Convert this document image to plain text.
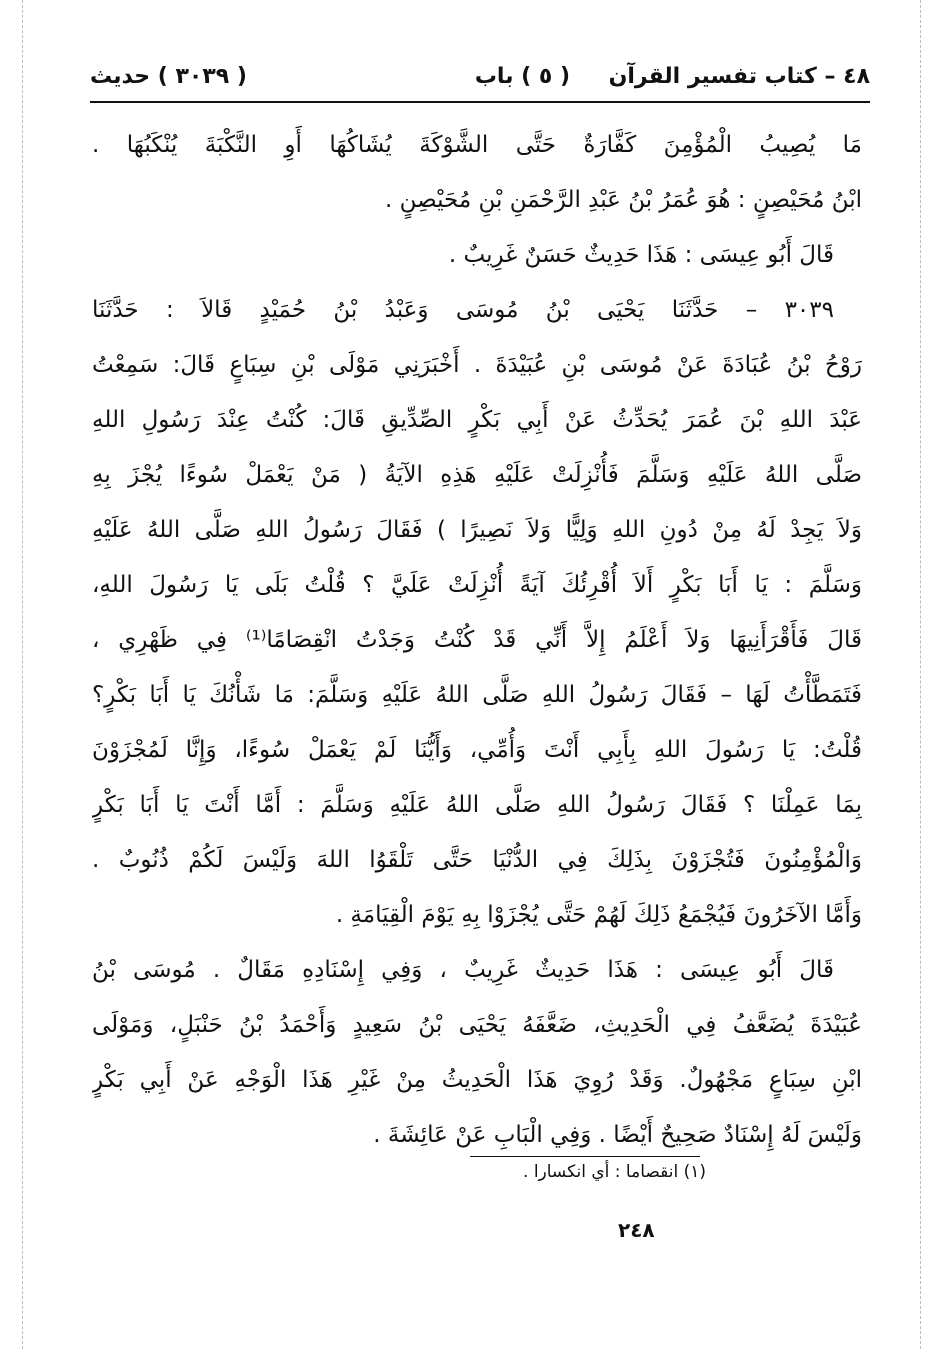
٤٨ – كتاب تفسير القرآن
( ٥ ) باب
( ٣٠٣٩ ) حديث
مَا يُصِيبُ الْمُؤْمِنَ كَفَّارَةٌ حَتَّى الشَّوْكَةَ يُشَاكُهَا أَوِ النَّكْبَةَ يُنْكَبُهَا .
ابْنُ مُحَيْصِنٍ : هُوَ عُمَرُ بْنُ عَبْدِ الرَّحْمَنِ بْنِ مُحَيْصِنٍ .
قَالَ أَبُو عِيسَى : هَذَا حَدِيثٌ حَسَنٌ غَرِيبٌ .
٣٠٣٩ – حَدَّثَنَا يَحْيَى بْنُ مُوسَى وَعَبْدُ بْنُ حُمَيْدٍ قَالاَ : حَدَّثَنَا
رَوْحُ بْنُ عُبَادَةَ عَنْ مُوسَى بْنِ عُبَيْدَةَ . أَخْبَرَنِي مَوْلَى بْنِ سِبَاعٍ قَالَ: سَمِعْتُ
عَبْدَ اللهِ بْنَ عُمَرَ يُحَدِّثُ عَنْ أَبِي بَكْرٍ الصِّدِّيقِ قَالَ: كُنْتُ عِنْدَ رَسُولِ اللهِ
صَلَّى اللهُ عَلَيْهِ وَسَلَّمَ فَأُنْزِلَتْ عَلَيْهِ هَذِهِ الآيَةُ ( مَنْ يَعْمَلْ سُوءًا يُجْزَ بِهِ
وَلاَ يَجِدْ لَهُ مِنْ دُونِ اللهِ وَلِيًّا وَلاَ نَصِيرًا ) فَقَالَ رَسُولُ اللهِ صَلَّى اللهُ عَلَيْهِ
وَسَلَّمَ : يَا أَبَا بَكْرٍ أَلاَ أُقْرِئُكَ آيَةً أُنْزِلَتْ عَلَيَّ ؟ قُلْتُ بَلَى يَا رَسُولَ اللهِ،
قَالَ فَأَقْرَأَنِيهَا وَلاَ أَعْلَمُ إِلاَّ أَنِّي قَدْ كُنْتُ وَجَدْتُ انْقِصَامًا⁽¹⁾ فِي ظَهْرِي ،
فَتَمَطَّأْتُ لَهَا – فَقَالَ رَسُولُ اللهِ صَلَّى اللهُ عَلَيْهِ وَسَلَّمَ: مَا شَأْنُكَ يَا أَبَا بَكْرٍ؟
قُلْتُ: يَا رَسُولَ اللهِ بِأَبِي أَنْتَ وَأُمِّي، وَأَيُّنَا لَمْ يَعْمَلْ سُوءًا، وَإِنَّا لَمُجْزَوْنَ
بِمَا عَمِلْنَا ؟ فَقَالَ رَسُولُ اللهِ صَلَّى اللهُ عَلَيْهِ وَسَلَّمَ : أَمَّا أَنْتَ يَا أَبَا بَكْرٍ
وَالْمُؤْمِنُونَ فَتُجْزَوْنَ بِذَلِكَ فِي الدُّنْيَا حَتَّى تَلْقَوُا اللهَ وَلَيْسَ لَكُمْ ذُنُوبٌ .
وَأَمَّا الآخَرُونَ فَيُجْمَعُ ذَلِكَ لَهُمْ حَتَّى يُجْزَوْا بِهِ يَوْمَ الْقِيَامَةِ .
قَالَ أَبُو عِيسَى : هَذَا حَدِيثٌ غَرِيبٌ ، وَفِي إِسْنَادِهِ مَقَالٌ . مُوسَى بْنُ
عُبَيْدَةَ يُضَعَّفُ فِي الْحَدِيثِ، ضَعَّفَهُ يَحْيَى بْنُ سَعِيدٍ وَأَحْمَدُ بْنُ حَنْبَلٍ، وَمَوْلَى
ابْنِ سِبَاعٍ مَجْهُولٌ. وَقَدْ رُوِيَ هَذَا الْحَدِيثُ مِنْ غَيْرِ هَذَا الْوَجْهِ عَنْ أَبِي بَكْرٍ
وَلَيْسَ لَهُ إِسْنَادٌ صَحِيحٌ أَيْضًا . وَفِي الْبَابِ عَنْ عَائِشَةَ .
(١) انقصاما : أي انكسارا .
٢٤٨
